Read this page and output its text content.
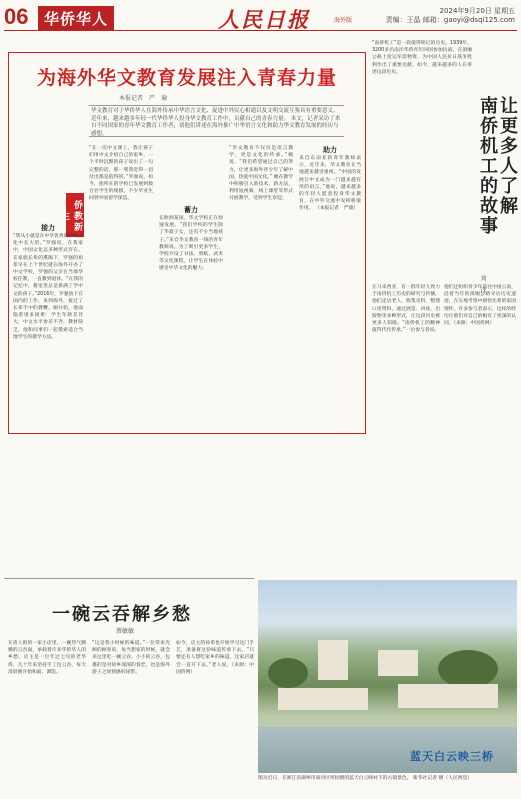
06	华侨华人	人民日报	海外版
2024年9月20日 星期五
责编：王晶 邮箱：gaoyi@dsqi125.com
为海外华文教育发展注入青春力量
本报记者　严　瑜
华文教育对于华侨华人在海外传承中华语言文化、促进中外民心相通以及文明交流互鉴具有重要意义。近年来，越来越多年轻一代华侨华人投身华文教育工作中，贡献自己的青春力量。 本文，记者采访了来自不同国家的青年华文教育工作者，请他们讲述在海外推广中华语言文化和助力华文教育发展的经历与感想。
侨教新生
接力
“我从小就是在中华优秀的传统文化中长大的。”罗强说，在我家中，中国文化以多种形式存在。在家族长辈的熏陶下，罗强的祖辈早在上个世纪就在海外开办了中文学校，罗强的父亲在当地华校任教，一直教到退休。“在我的记忆中，教室里总是挤满了学中文的孩子。”2016年，罗强放下在国内的工作，来到海外，接过了长辈手中的教鞭。刚开始，他面临着诸多困难：学生年龄差异大，中文水平参差不齐，教材缺乏。他和同事们一起摸索适合当地学生的教学方法。
“在一次中文课上，我让孩子们用中文介绍自己的家乡，一个平时沉默的孩子说出了一句完整的话，那一刻我觉得一切付出都是值得的。”罗强说。如今，他所在的学校已发展到数百名学生的规模，不少毕业生回到中国留学深造。
蓄力
在欧洲某国，华文学校正在快速发展。“我们学校的学生除了华裔子女，还有不少当地孩子。”来自华文教育一线的青年教师说。为了吸引更多学生，学校开设了书法、剪纸、武术等文化课程，让学生在体验中感受中华文化的魅力。
“华文教育不仅仅是语言教学，更是文化的传承。”她说，“我们希望通过自己的努力，让更多海外青少年了解中国、热爱中国文化。” 她在教学中积极引入新技术、新方法，利用短视频、线上课堂等形式开展教学，受到学生欢迎。
助力
来自东南亚的青年教师表示，近年来，华文教育在当地越来越受重视。“中国的发展让中文成为一门越来越有用的语言。”他说，越来越多的年轻人愿意投身华文教育，在中外交流中发挥桥梁作用。 （本报记者　严瑜）
“南侨机工”是一段值得铭记的历史。1939年，3200多名南洋华侨青年回国参加抗战，在滇缅公路上抢运军需物资，为中国人民抗日战争胜利作出了重要贡献。如今，越来越多的人在讲述这段历史。
在马来西亚，有一群年轻人致力于南侨机工历史的研究与传播。他们走访老人、收集史料、整理口述资料，通过展览、讲座、出版物等多种形式，让这段历史被更多人知晓。“南侨机工的精神值得代代传承。”一位参与者说。
他们还组织青少年前往中国云南，沿着当年的滇缅公路寻访历史遗迹，在实地考察中感悟先辈的家国情怀。许多参与者表示，这样的经历让他们对自己的根有了更深的认同。（来源：中国侨网）
让更多人了解
南侨机工的故事
刘　洋
一碗云吞解乡愁
蔡敏敏
在唐人街的一家小店里，一碗热气腾腾的云吞面，承载着许多华侨华人的乡愁。店主是一位年过七旬的老华侨，几十年来坚持手工包云吞，每天清晨便开始和面、调馅。
“这是我小时候的味道。”一位常来光顾的顾客说，每当想家的时候，就会来这里吃一碗云吞。小小的云吞，包裹的是对故乡深深的眷恋，也是海外游子之间情感的纽带。
如今，店主的孙辈也开始学习这门手艺，准备将这份味道传承下去。“只要还有人想吃家乡的味道，这家店就会一直开下去。”老人说。（来源：中国侨网）
蓝天白云映三桥
图为近日，在浙江省湖州市南浔区所拍摄的蓝天白云映衬下的古镇景色。 新华社记者 摄（人民视觉）
